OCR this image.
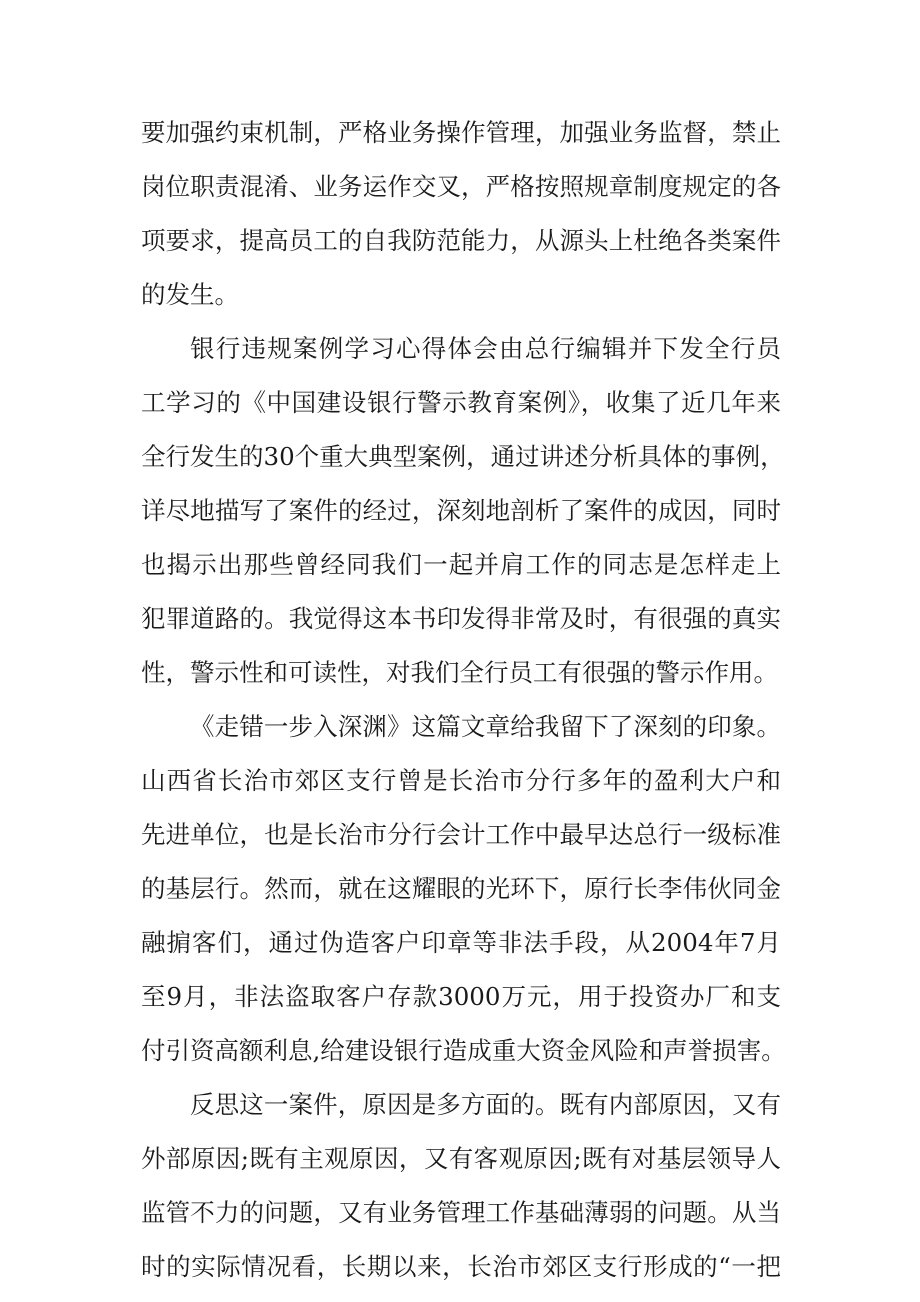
要加强约束机制，严格业务操作管理，加强业务监督，禁止
岗位职责混淆、业务运作交叉，严格按照规章制度规定的各
项要求，提高员工的自我防范能力，从源头上杜绝各类案件
的发生。
银行违规案例学习心得体会由总行编辑并下发全行员
工学习的《中国建设银行警示教育案例》，收集了近几年来
全行发生的30个重大典型案例，通过讲述分析具体的事例，
详尽地描写了案件的经过，深刻地剖析了案件的成因，同时
也揭示出那些曾经同我们一起并肩工作的同志是怎样走上
犯罪道路的。我觉得这本书印发得非常及时，有很强的真实
性，警示性和可读性，对我们全行员工有很强的警示作用。
《走错一步入深渊》这篇文章给我留下了深刻的印象。
山西省长治市郊区支行曾是长治市分行多年的盈利大户和
先进单位，也是长治市分行会计工作中最早达总行一级标准
的基层行。然而，就在这耀眼的光环下，原行长李伟伙同金
融掮客们，通过伪造客户印章等非法手段，从2004年7月
至9月，非法盗取客户存款3000万元，用于投资办厂和支
付引资高额利息,给建设银行造成重大资金风险和声誉损害。
反思这一案件，原因是多方面的。既有内部原因，又有
外部原因;既有主观原因，又有客观原因;既有对基层领导人
监管不力的问题，又有业务管理工作基础薄弱的问题。从当
时的实际情况看，长期以来，长治市郊区支行形成的“一把
